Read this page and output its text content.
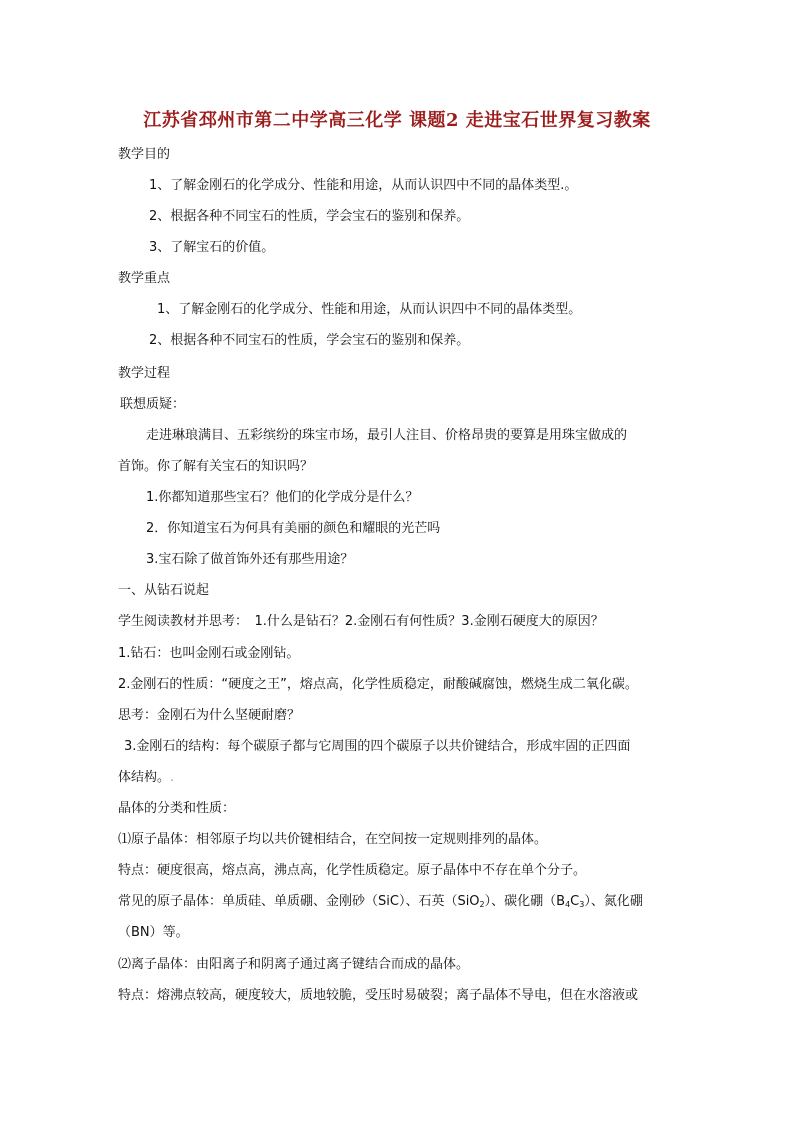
江苏省邳州市第二中学高三化学 课题2 走进宝石世界复习教案
教学目的
1、了解金刚石的化学成分、性能和用途，从而认识四中不同的晶体类型.。
2、根据各种不同宝石的性质，学会宝石的鉴别和保养。
3、了解宝石的价值。
教学重点
1、了解金刚石的化学成分、性能和用途，从而认识四中不同的晶体类型。
2、根据各种不同宝石的性质，学会宝石的鉴别和保养。
教学过程
联想质疑：
走进琳琅满目、五彩缤纷的珠宝市场，最引人注目、价格昂贵的要算是用珠宝做成的
首饰。你了解有关宝石的知识吗？
1.你都知道那些宝石？他们的化学成分是什么？
2．你知道宝石为何具有美丽的颜色和耀眼的光芒吗
3.宝石除了做首饰外还有那些用途？
一、从钻石说起
学生阅读教材并思考：　1.什么是钻石？2.金刚石有何性质？3.金刚石硬度大的原因？
1.钻石：也叫金刚石或金刚钻。
2.金刚石的性质：“硬度之王”，熔点高，化学性质稳定，耐酸碱腐蚀，燃烧生成二氧化碳。
思考：金刚石为什么坚硬耐磨？
3.金刚石的结构：每个碳原子都与它周围的四个碳原子以共价键结合，形成牢固的正四面
体结构。.
晶体的分类和性质：
⑴原子晶体：相邻原子均以共价键相结合，在空间按一定规则排列的晶体。
特点：硬度很高，熔点高，沸点高，化学性质稳定。原子晶体中不存在单个分子。
常见的原子晶体：单质硅、单质硼、金刚砂（SiC）、石英（SiO$_2$）、碳化硼$(B_4C_3)$、氮化硼
（BN）等。
⑵离子晶体：由阳离子和阴离子通过离子键结合而成的晶体。
特点：熔沸点较高，硬度较大，质地较脆，受压时易破裂；离子晶体不导电，但在水溶液或
